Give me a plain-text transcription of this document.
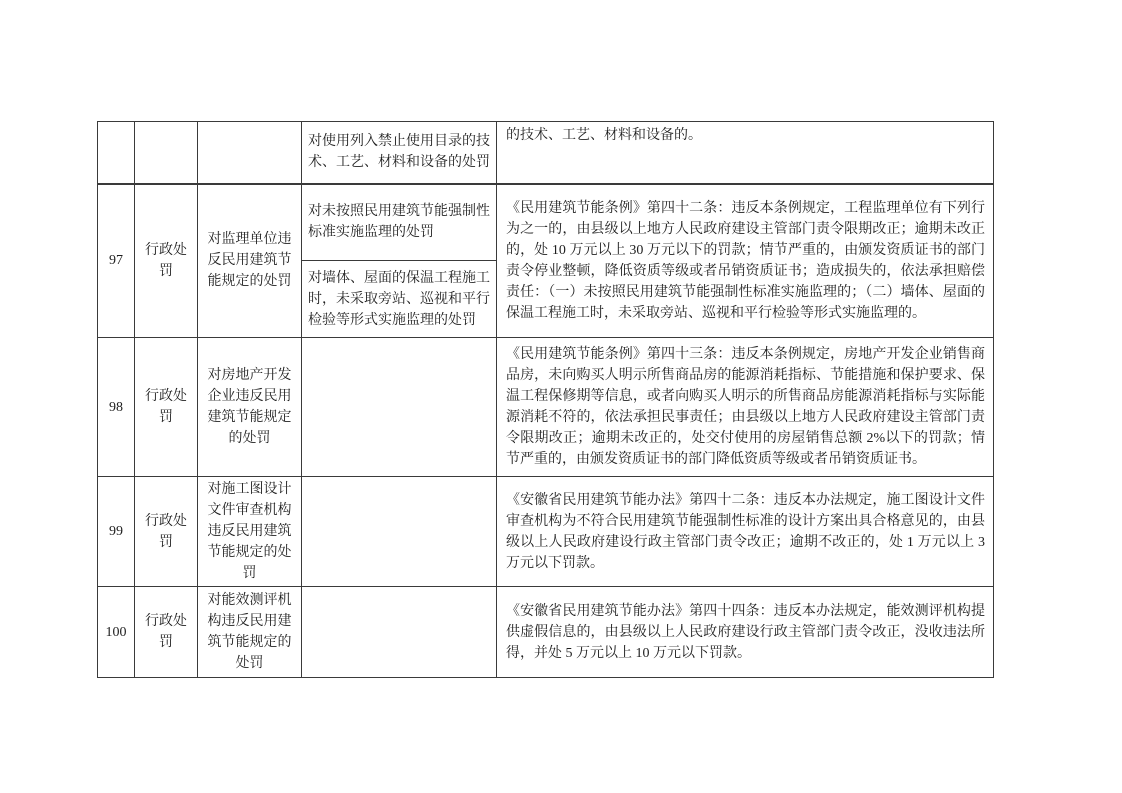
			对使用列入禁止使用目录的技术、工艺、材料和设备的处罚	的技术、工艺、材料和设备的。
97	行政处罚	对监理单位违反民用建筑节能规定的处罚	对未按照民用建筑节能强制性标准实施监理的处罚	《民用建筑节能条例》第四十二条：违反本条例规定，工程监理单位有下列行为之一的，由县级以上地方人民政府建设主管部门责令限期改正；逾期未改正的，处 10 万元以上 30 万元以下的罚款；情节严重的，由颁发资质证书的部门责令停业整顿，降低资质等级或者吊销资质证书；造成损失的，依法承担赔偿责任：（一）未按照民用建筑节能强制性标准实施监理的；（二）墙体、屋面的保温工程施工时，未采取旁站、巡视和平行检验等形式实施监理的。
			对墙体、屋面的保温工程施工时，未采取旁站、巡视和平行检验等形式实施监理的处罚	
98	行政处罚	对房地产开发企业违反民用建筑节能规定的处罚		《民用建筑节能条例》第四十三条：违反本条例规定，房地产开发企业销售商品房，未向购买人明示所售商品房的能源消耗指标、节能措施和保护要求、保温工程保修期等信息，或者向购买人明示的所售商品房能源消耗指标与实际能源消耗不符的，依法承担民事责任；由县级以上地方人民政府建设主管部门责令限期改正；逾期未改正的，处交付使用的房屋销售总额 2%以下的罚款；情节严重的，由颁发资质证书的部门降低资质等级或者吊销资质证书。
99	行政处罚	对施工图设计文件审查机构违反民用建筑节能规定的处罚		《安徽省民用建筑节能办法》第四十二条：违反本办法规定，施工图设计文件审查机构为不符合民用建筑节能强制性标准的设计方案出具合格意见的，由县级以上人民政府建设行政主管部门责令改正；逾期不改正的，处 1 万元以上 3 万元以下罚款。
100	行政处罚	对能效测评机构违反民用建筑节能规定的处罚		《安徽省民用建筑节能办法》第四十四条：违反本办法规定，能效测评机构提供虚假信息的，由县级以上人民政府建设行政主管部门责令改正，没收违法所得，并处 5 万元以上 10 万元以下罚款。
